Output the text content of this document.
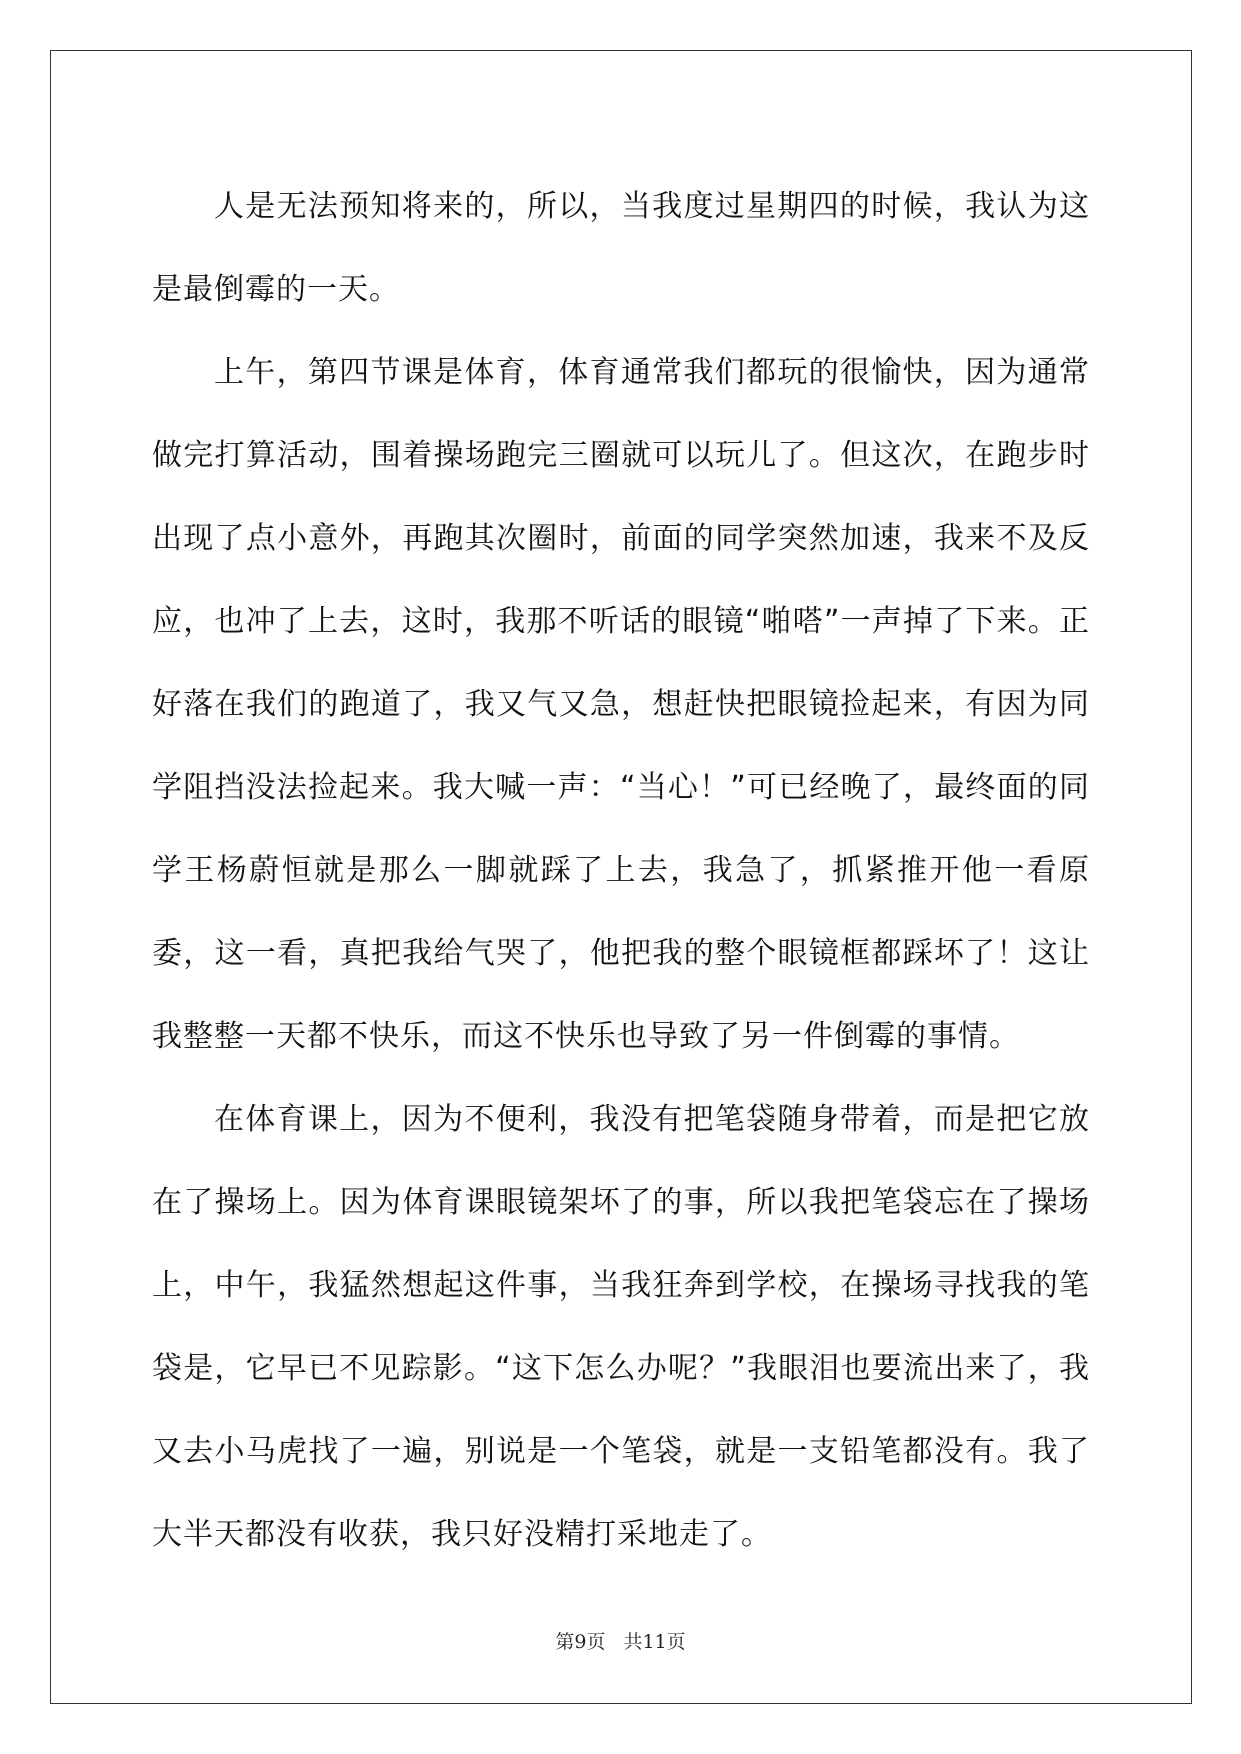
人是无法预知将来的，所以，当我度过星期四的时候，我认为这是最倒霉的一天。

上午，第四节课是体育，体育通常我们都玩的很愉快，因为通常做完打算活动，围着操场跑完三圈就可以玩儿了。但这次，在跑步时出现了点小意外，再跑其次圈时，前面的同学突然加速，我来不及反应，也冲了上去，这时，我那不听话的眼镜“啪嗒”一声掉了下来。正好落在我们的跑道了，我又气又急，想赶快把眼镜捡起来，有因为同学阻挡没法捡起来。我大喊一声：“当心！”可已经晚了，最终面的同学王杨蔚恒就是那么一脚就踩了上去，我急了，抓紧推开他一看原委，这一看，真把我给气哭了，他把我的整个眼镜框都踩坏了！这让我整整一天都不快乐，而这不快乐也导致了另一件倒霉的事情。

在体育课上，因为不便利，我没有把笔袋随身带着，而是把它放在了操场上。因为体育课眼镜架坏了的事，所以我把笔袋忘在了操场上，中午，我猛然想起这件事，当我狂奔到学校，在操场寻找我的笔袋是，它早已不见踪影。“这下怎么办呢？”我眼泪也要流出来了，我又去小马虎找了一遍，别说是一个笔袋，就是一支铅笔都没有。我了大半天都没有收获，我只好没精打采地走了。

第9页 共11页
